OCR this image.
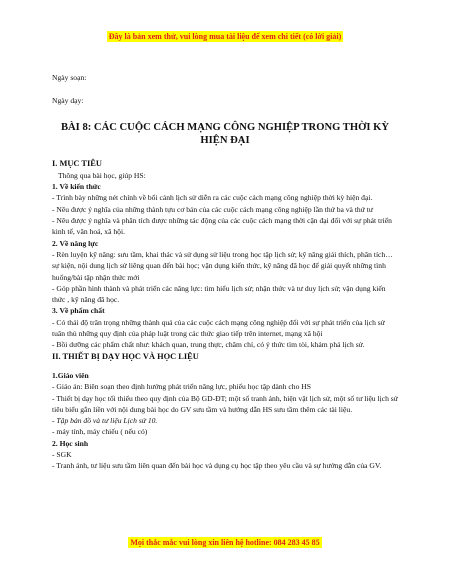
Đây là bản xem thử, vui lòng mua tài liệu để xem chi tiết (có lời giải)

Ngày soạn:

Ngày dạy:

BÀI 8: CÁC CUỘC CÁCH MẠNG CÔNG NGHIỆP TRONG THỜI KỲ HIỆN ĐẠI

I. MỤC TIÊU

Thông qua bài học, giúp HS:

1. Về kiến thức

- Trình bày những nét chính về bối cảnh lịch sử diễn ra các cuộc cách mạng công nghiệp thời kỳ hiện đại.

- Nêu được ý nghĩa của những thành tựu cơ bản của các cuộc cách mạng công nghiệp lần thứ ba và thứ tư

- Nêu được ý nghĩa và phân tích được những tác động của các cuộc cách mạng thời cận đại đối với sự phát triển kinh tế, văn hoá, xã hội.

2. Về năng lực

- Rèn luyện kỹ năng: sưu tầm, khai thác và sử dụng sử liệu trong học tập lịch sử; kỹ năng giải thích, phân tích… sự kiện, nội dung lịch sử liêng quan đến bài học; vận dụng kiến thức, kỹ năng đã học để giải quyết những tình huống/bài tập nhận thức mới

- Góp phần hình thành và phát triển các năng lực: tìm hiểu lịch sử; nhận thức và tư duy lịch sử; vận dụng kiến thức , kỹ năng đã học.

3. Về phẩm chất

- Có thái độ trân trọng những thành quả của các cuộc cách mạng công nghiệp đối với sự phát triển của lịch sử tuân thủ những quy định của pháp luật trong các thức giao tiếp trên internet, mạng xã hội

- Bồi dưỡng các phẩm chất như: khách quan, trung thực, chăm chỉ, có ý thức tìm tòi, khám phá lịch sử.

II. THIẾT BỊ DẠY HỌC VÀ HỌC LIỆU

1.Giáo viên

- Giáo án: Biên soạn theo định hướng phát triển năng lực, phiếu học tập dành cho HS

- Thiết bị dạy học tối thiểu theo quy định của Bộ GD-ĐT; một số tranh ảnh, hiện vật lịch sử, một số tư liệu lịch sử tiêu biểu gắn liền với nội dung bài học do GV sưu tầm và hướng dẫn HS sưu tầm thêm các tài liệu.

- Tập bản đồ và tư liệu Lịch sử 10.

- máy tính, máy chiếu ( nếu có)

2. Học sinh

- SGK

- Tranh ảnh, tư liệu sưu tầm liên quan đến bài học và dụng cụ học tập theo yêu cầu và sự hướng dẫn của GV.

Mọi thắc mắc vui lòng xin liên hệ hotline: 084 283 45 85
